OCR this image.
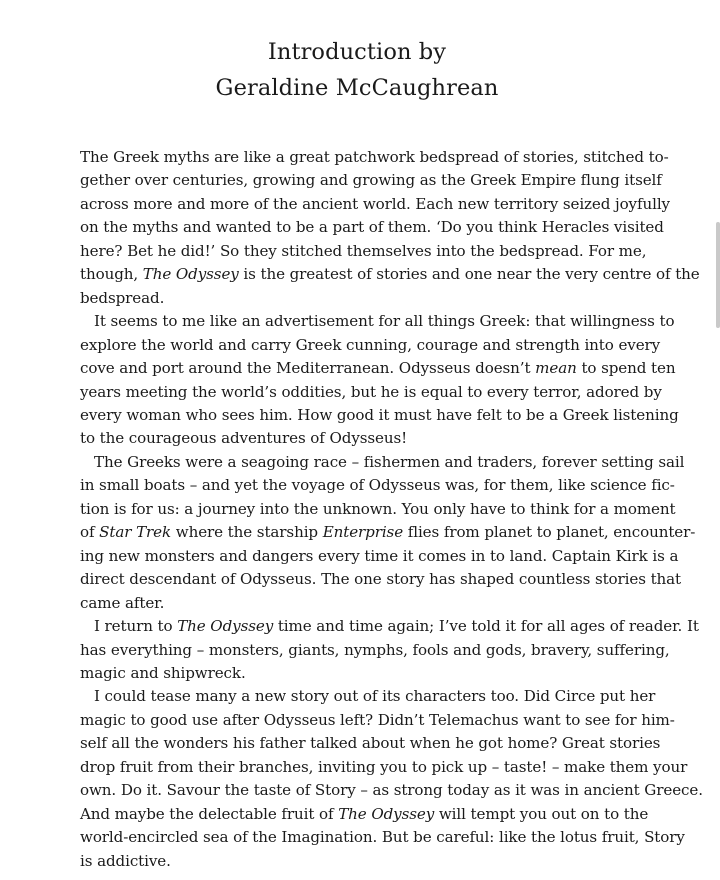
Introduction by
Geraldine McCaughrean
The Greek myths are like a great patchwork bedspread of stories, stitched to-
gether over centuries, growing and growing as the Greek Empire flung itself
across more and more of the ancient world. Each new territory seized joyfully
on the myths and wanted to be a part of them. ‘Do you think Heracles visited
here? Bet he did!’ So they stitched themselves into the bedspread. For me,
though, The Odyssey is the greatest of stories and one near the very centre of the
bedspread.
It seems to me like an advertisement for all things Greek: that willingness to
explore the world and carry Greek cunning, courage and strength into every
cove and port around the Mediterranean. Odysseus doesn’t mean to spend ten
years meeting the world’s oddities, but he is equal to every terror, adored by
every woman who sees him. How good it must have felt to be a Greek listening
to the courageous adventures of Odysseus!
The Greeks were a seagoing race – fishermen and traders, forever setting sail
in small boats – and yet the voyage of Odysseus was, for them, like science fic-
tion is for us: a journey into the unknown. You only have to think for a moment
of Star Trek where the starship Enterprise flies from planet to planet, encounter-
ing new monsters and dangers every time it comes in to land. Captain Kirk is a
direct descendant of Odysseus. The one story has shaped countless stories that
came after.
I return to The Odyssey time and time again; I’ve told it for all ages of reader. It
has everything – monsters, giants, nymphs, fools and gods, bravery, suffering,
magic and shipwreck.
I could tease many a new story out of its characters too. Did Circe put her
magic to good use after Odysseus left? Didn’t Telemachus want to see for him-
self all the wonders his father talked about when he got home? Great stories
drop fruit from their branches, inviting you to pick up – taste! – make them your
own. Do it. Savour the taste of Story – as strong today as it was in ancient Greece.
And maybe the delectable fruit of The Odyssey will tempt you out on to the
world-encircled sea of the Imagination. But be careful: like the lotus fruit, Story
is addictive.
